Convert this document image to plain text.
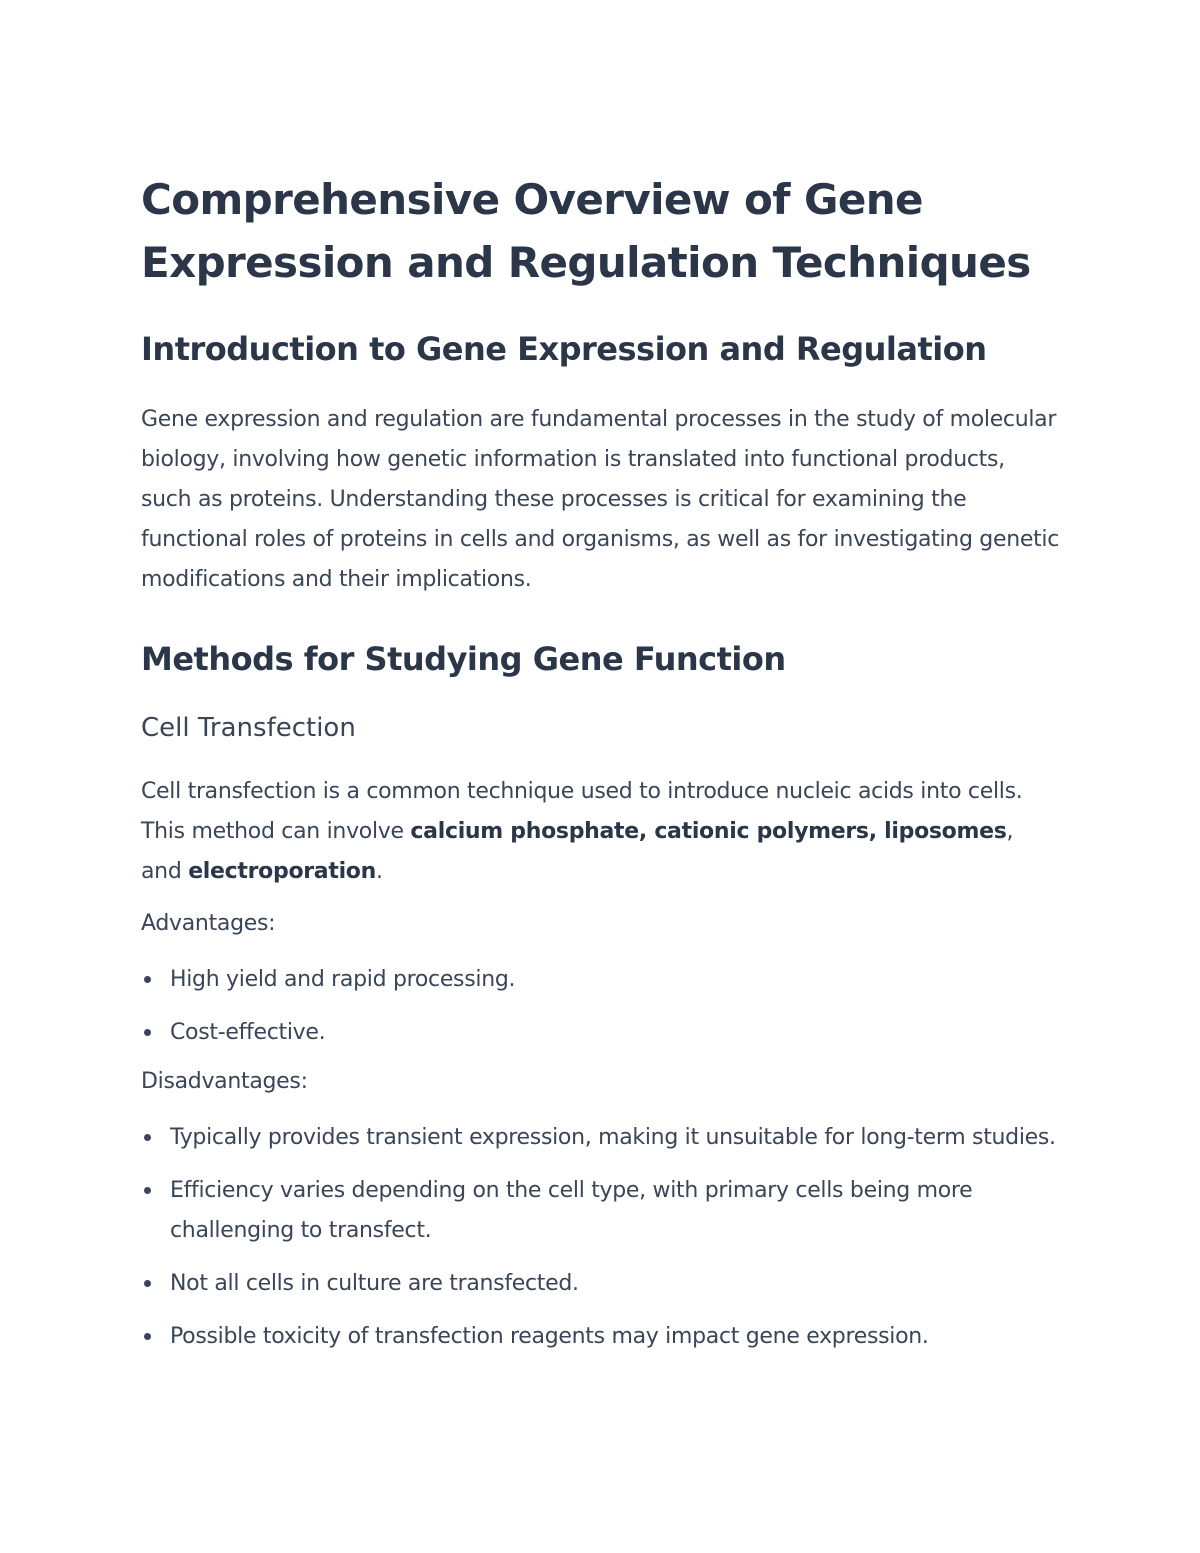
Comprehensive Overview of Gene Expression and Regulation Techniques
Introduction to Gene Expression and Regulation

Gene expression and regulation are fundamental processes in the study of molecular biology, involving how genetic information is translated into functional products, such as proteins. Understanding these processes is critical for examining the functional roles of proteins in cells and organisms, as well as for investigating genetic modifications and their implications.

Methods for Studying Gene Function
Cell Transfection

Cell transfection is a common technique used to introduce nucleic acids into cells. This method can involve calcium phosphate, cationic polymers, liposomes, and electroporation.

Advantages:
High yield and rapid processing.
Cost-effective.
Disadvantages:
Typically provides transient expression, making it unsuitable for long-term studies.
Efficiency varies depending on the cell type, with primary cells being more challenging to transfect.
Not all cells in culture are transfected.
Possible toxicity of transfection reagents may impact gene expression.
